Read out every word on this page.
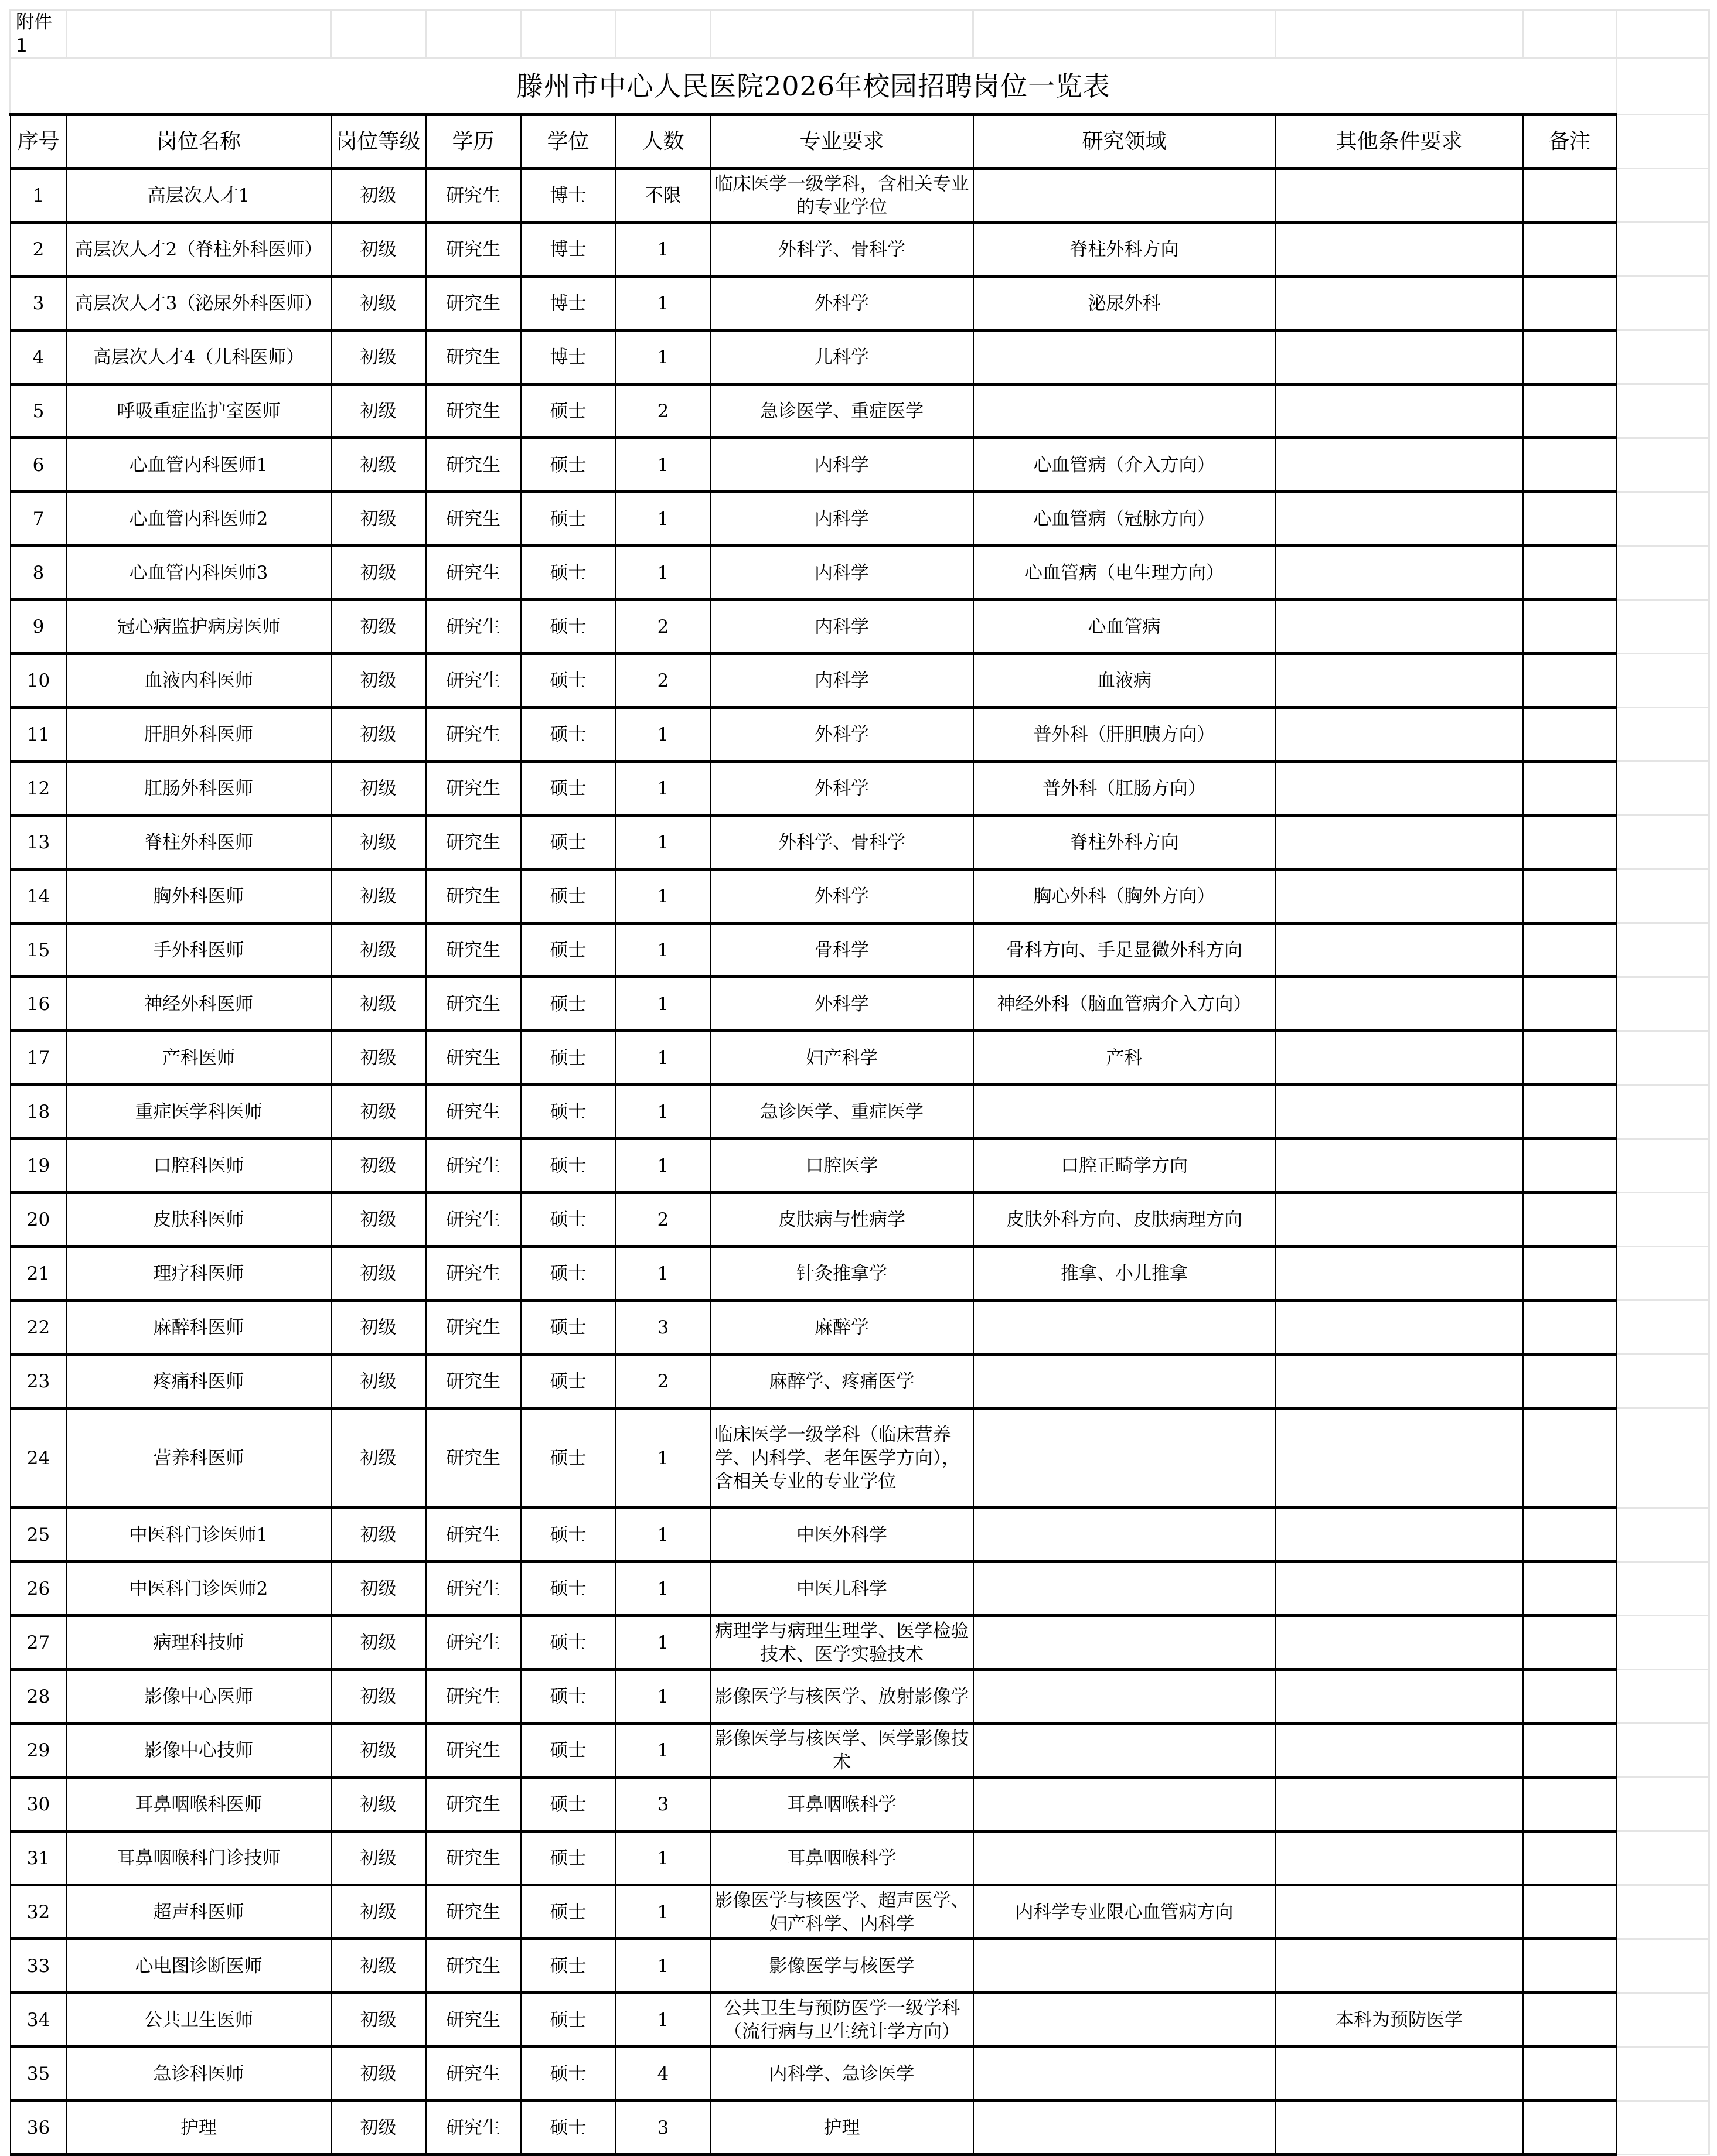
附件1										
滕州市中心人民医院2026年校园招聘岗位一览表										
序号	岗位名称	岗位等级	学历	学位	人数	专业要求	研究领域	其他条件要求	备注	
1	高层次人才1	初级	研究生	博士	不限	临床医学一级学科，含相关专业的专业学位				
2	高层次人才2（脊柱外科医师）	初级	研究生	博士	1	外科学、骨科学	脊柱外科方向			
3	高层次人才3（泌尿外科医师）	初级	研究生	博士	1	外科学	泌尿外科			
4	高层次人才4（儿科医师）	初级	研究生	博士	1	儿科学				
5	呼吸重症监护室医师	初级	研究生	硕士	2	急诊医学、重症医学				
6	心血管内科医师1	初级	研究生	硕士	1	内科学	心血管病（介入方向）			
7	心血管内科医师2	初级	研究生	硕士	1	内科学	心血管病（冠脉方向）			
8	心血管内科医师3	初级	研究生	硕士	1	内科学	心血管病（电生理方向）			
9	冠心病监护病房医师	初级	研究生	硕士	2	内科学	心血管病			
10	血液内科医师	初级	研究生	硕士	2	内科学	血液病			
11	肝胆外科医师	初级	研究生	硕士	1	外科学	普外科（肝胆胰方向）			
12	肛肠外科医师	初级	研究生	硕士	1	外科学	普外科（肛肠方向）			
13	脊柱外科医师	初级	研究生	硕士	1	外科学、骨科学	脊柱外科方向			
14	胸外科医师	初级	研究生	硕士	1	外科学	胸心外科（胸外方向）			
15	手外科医师	初级	研究生	硕士	1	骨科学	骨科方向、手足显微外科方向			
16	神经外科医师	初级	研究生	硕士	1	外科学	神经外科（脑血管病介入方向）			
17	产科医师	初级	研究生	硕士	1	妇产科学	产科			
18	重症医学科医师	初级	研究生	硕士	1	急诊医学、重症医学				
19	口腔科医师	初级	研究生	硕士	1	口腔医学	口腔正畸学方向			
20	皮肤科医师	初级	研究生	硕士	2	皮肤病与性病学	皮肤外科方向、皮肤病理方向			
21	理疗科医师	初级	研究生	硕士	1	针灸推拿学	推拿、小儿推拿			
22	麻醉科医师	初级	研究生	硕士	3	麻醉学				
23	疼痛科医师	初级	研究生	硕士	2	麻醉学、疼痛医学				
24	营养科医师	初级	研究生	硕士	1	临床医学一级学科（临床营养学、内科学、老年医学方向），含相关专业的专业学位				
25	中医科门诊医师1	初级	研究生	硕士	1	中医外科学				
26	中医科门诊医师2	初级	研究生	硕士	1	中医儿科学				
27	病理科技师	初级	研究生	硕士	1	病理学与病理生理学、医学检验技术、医学实验技术				
28	影像中心医师	初级	研究生	硕士	1	影像医学与核医学、放射影像学				
29	影像中心技师	初级	研究生	硕士	1	影像医学与核医学、医学影像技术				
30	耳鼻咽喉科医师	初级	研究生	硕士	3	耳鼻咽喉科学				
31	耳鼻咽喉科门诊技师	初级	研究生	硕士	1	耳鼻咽喉科学				
32	超声科医师	初级	研究生	硕士	1	影像医学与核医学、超声医学、妇产科学、内科学	内科学专业限心血管病方向			
33	心电图诊断医师	初级	研究生	硕士	1	影像医学与核医学				
34	公共卫生医师	初级	研究生	硕士	1	公共卫生与预防医学一级学科（流行病与卫生统计学方向）		本科为预防医学		
35	急诊科医师	初级	研究生	硕士	4	内科学、急诊医学				
36	护理	初级	研究生	硕士	3	护理				
